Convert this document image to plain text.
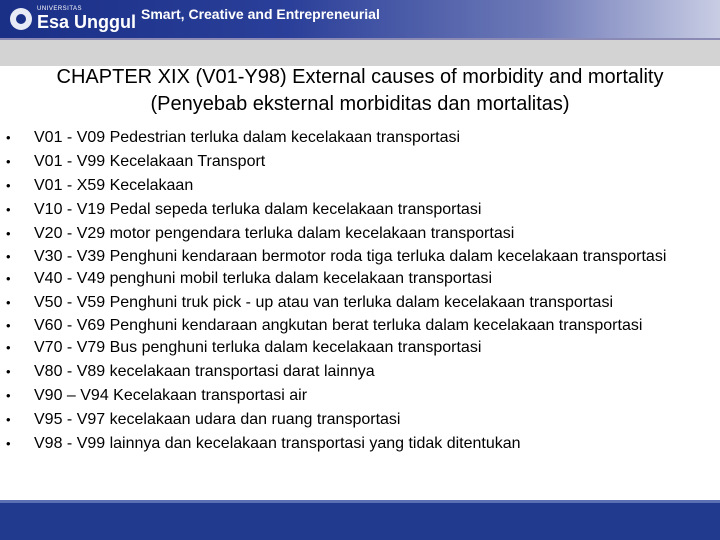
UNIVERSITAS
Esa Unggul Smart, Creative and Entrepreneurial
CHAPTER XIX (V01-Y98) External causes of morbidity and mortality (Penyebab eksternal morbiditas dan mortalitas)
• V01 - V09 Pedestrian terluka dalam kecelakaan transportasi
• V01 - V99 Kecelakaan Transport
• V01 - X59 Kecelakaan
• V10 - V19 Pedal sepeda terluka dalam kecelakaan transportasi
• V20 - V29 motor pengendara terluka dalam kecelakaan transportasi
• V30 - V39 Penghuni kendaraan bermotor roda tiga terluka dalam kecelakaan transportasi
• V40 - V49 penghuni mobil terluka dalam kecelakaan transportasi
• V50 - V59 Penghuni truk pick - up atau van terluka dalam kecelakaan transportasi
• V60 - V69 Penghuni kendaraan angkutan berat terluka dalam kecelakaan transportasi
• V70 - V79 Bus penghuni terluka dalam kecelakaan transportasi
• V80 - V89 kecelakaan transportasi darat lainnya
• V90 – V94 Kecelakaan transportasi air
• V95 - V97 kecelakaan udara dan ruang transportasi
• V98 - V99 lainnya dan kecelakaan transportasi yang tidak ditentukan
